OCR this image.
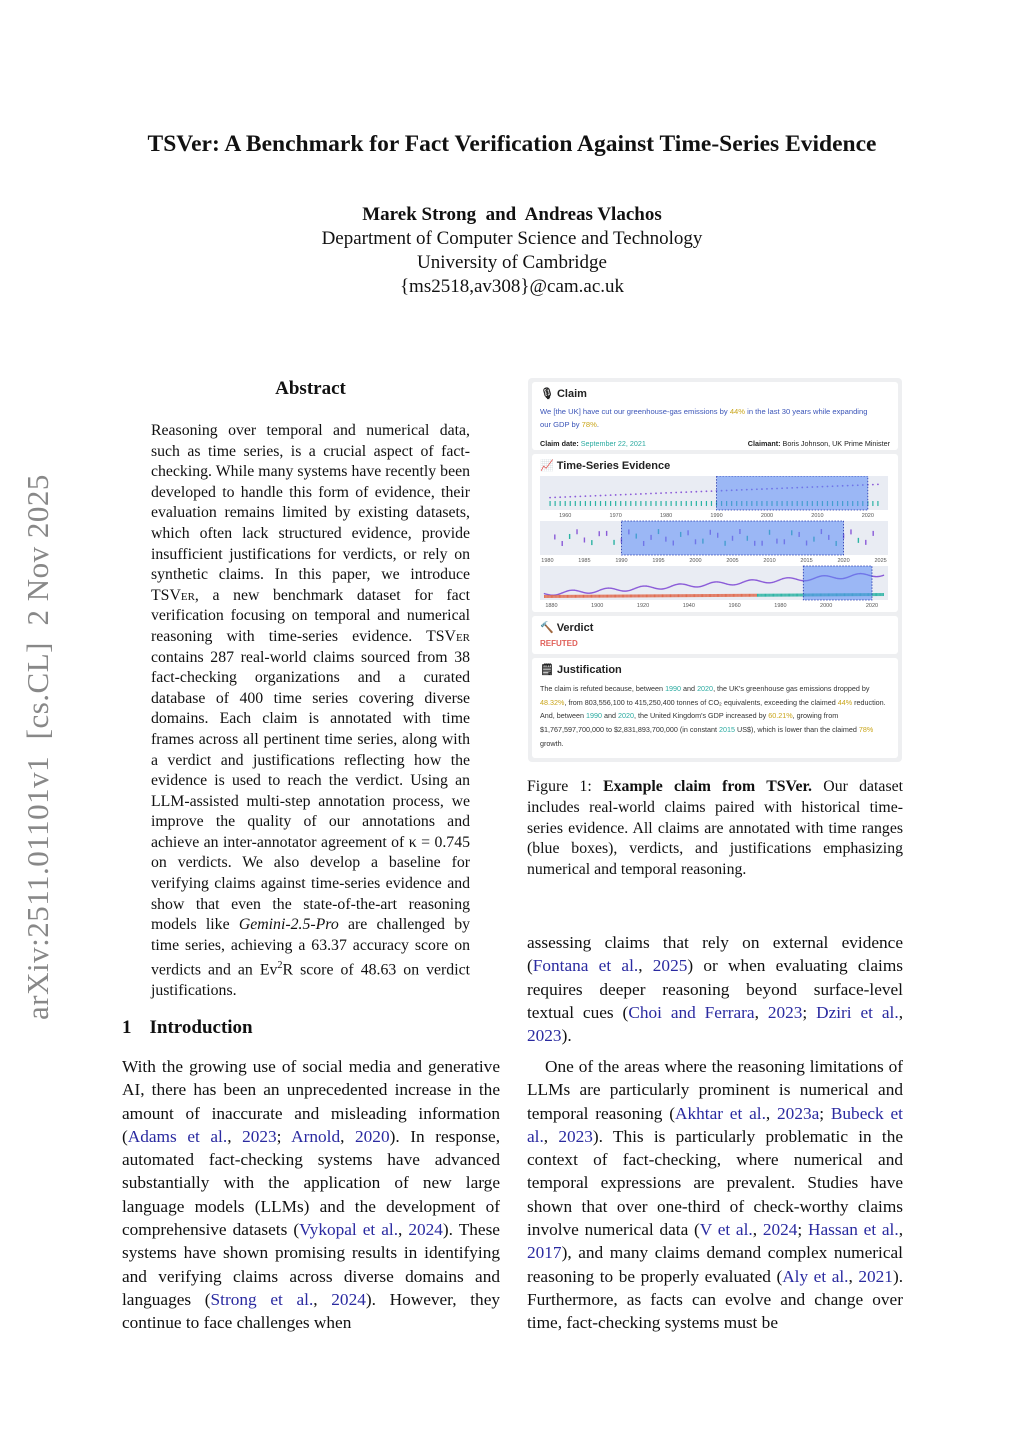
TSVer: A Benchmark for Fact Verification Against Time-Series Evidence
Marek Strong  and  Andreas Vlachos
Department of Computer Science and Technology
University of Cambridge
{ms2518,av308}@cam.ac.uk
arXiv:2511.01101v1  [cs.CL]  2 Nov 2025
Abstract
Reasoning over temporal and numerical data, such as time series, is a crucial aspect of fact-checking. While many systems have recently been developed to handle this form of evidence, their evaluation remains limited by existing datasets, which often lack structured evidence, provide insufficient justifications for verdicts, or rely on synthetic claims. In this paper, we introduce TSVer, a new benchmark dataset for fact verification focusing on temporal and numerical reasoning with time-series evidence. TSVer contains 287 real-world claims sourced from 38 fact-checking organizations and a curated database of 400 time series covering diverse domains. Each claim is annotated with time frames across all pertinent time series, along with a verdict and justifications reflecting how the evidence is used to reach the verdict. Using an LLM-assisted multi-step annotation process, we improve the quality of our annotations and achieve an inter-annotator agreement of κ = 0.745 on verdicts. We also develop a baseline for verifying claims against time-series evidence and show that even the state-of-the-art reasoning models like Gemini-2.5-Pro are challenged by time series, achieving a 63.37 accuracy score on verdicts and an Ev$^2$R score of 48.63 on verdict justifications.
1 Introduction
With the growing use of social media and generative AI, there has been an unprecedented increase in the amount of inaccurate and misleading information (Adams et al., 2023; Arnold, 2020). In response, automated fact-checking systems have advanced substantially with the application of new large language models (LLMs) and the development of comprehensive datasets (Vykopal et al., 2024). These systems have shown promising results in identifying and verifying claims across diverse domains and languages (Strong et al., 2024). However, they continue to face challenges when
assessing claims that rely on external evidence (Fontana et al., 2025) or when evaluating claims requires deeper reasoning beyond surface-level textual cues (Choi and Ferrara, 2023; Dziri et al., 2023).
One of the areas where the reasoning limitations of LLMs are particularly prominent is numerical and temporal reasoning (Akhtar et al., 2023a; Bubeck et al., 2023). This is particularly problematic in the context of fact-checking, where numerical and temporal expressions are prevalent. Studies have shown that over one-third of check-worthy claims involve numerical data (V et al., 2024; Hassan et al., 2017), and many claims demand complex numerical reasoning to be properly evaluated (Aly et al., 2021). Furthermore, as facts can evolve and change over time, fact-checking systems must be
🎙 Claim
We [the UK] have cut our greenhouse-gas emissions by 44% in the last 30 years while expanding our GDP by 78%.
Claim date: September 22, 2021	Claimant: Boris Johnson, UK Prime Minister
📈 Time-Series Evidence
1960	1970	1980	1990	2000	2010	2020
1980	1985	1990	1995	2000	2005	2010	2015	2020	2025
1880	1900	1920	1940	1960	1980	2000	2020
🔨 Verdict
REFUTED
🗒 Justification
The claim is refuted because, between 1990 and 2020, the UK's greenhouse gas emissions dropped by 48.32%, from 803,556,100 to 415,250,400 tonnes of CO₂ equivalents, exceeding the claimed 44% reduction. And, between 1990 and 2020, the United Kingdom's GDP increased by 60.21%, growing from $1,767,597,700,000 to $2,831,893,700,000 (in constant 2015 US$), which is lower than the claimed 78% growth.
Figure 1: Example claim from TSVer. Our dataset includes real-world claims paired with historical time-series evidence. All claims are annotated with time ranges (blue boxes), verdicts, and justifications emphasizing numerical and temporal reasoning.
